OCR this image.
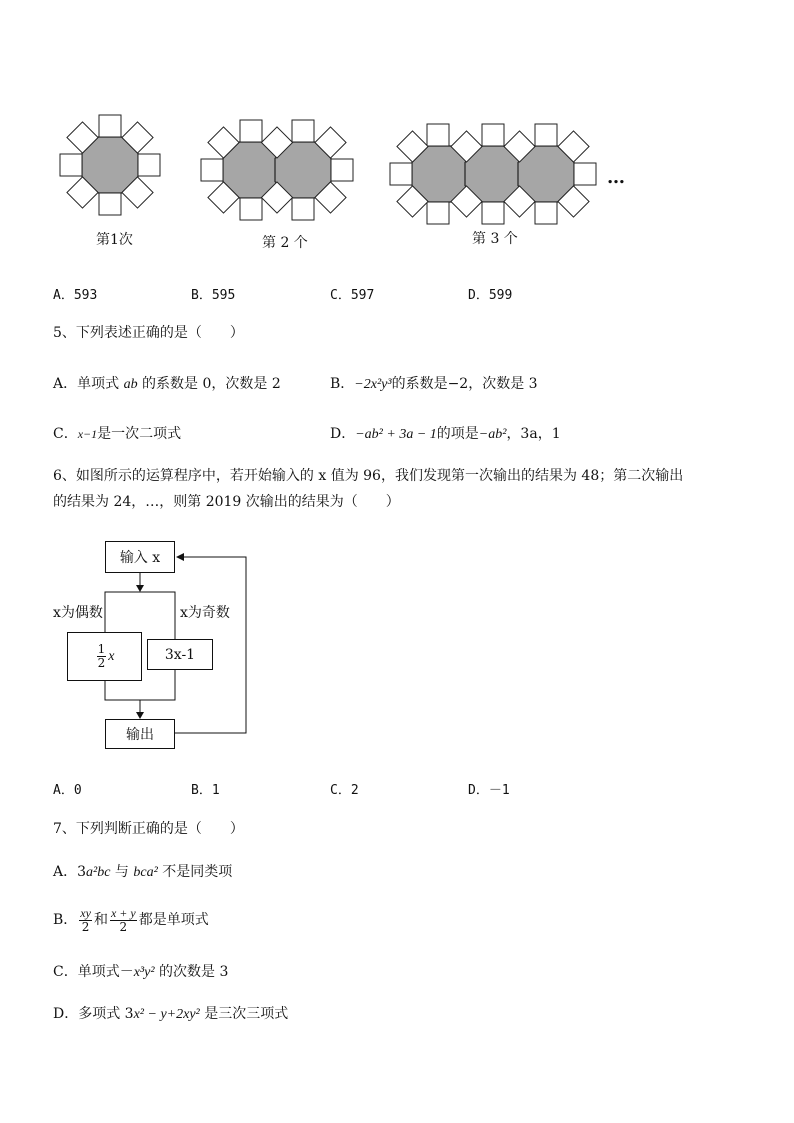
第1次	第 2 个	第 3 个
…
A．593	B．595	C．597	D．599
5、下列表述正确的是（　　）
A．单项式 ab 的系数是 0，次数是 2	B．−2x²y³的系数是−2，次数是 3
C．x−1是一次二项式	D．−ab² + 3a − 1的项是−ab²，3a，1
6、如图所示的运算程序中，若开始输入的 x 值为 96，我们发现第一次输出的结果为 48；第二次输出
的结果为 24，…，则第 2019 次输出的结果为（　　）
输入 x
x为偶数	x为奇数
$\frac{1}{2}$ x	3x-1
输出
A．0	B．1	C．2	D．－1
7、下列判断正确的是（　　）
A．3a²bc 与 bca² 不是同类项
B． $\frac{xy}{2}$ 和 $\frac{x + y}{2}$ 都是单项式
C．单项式－x³y² 的次数是 3
D．多项式 3x² − y+2xy² 是三次三项式
